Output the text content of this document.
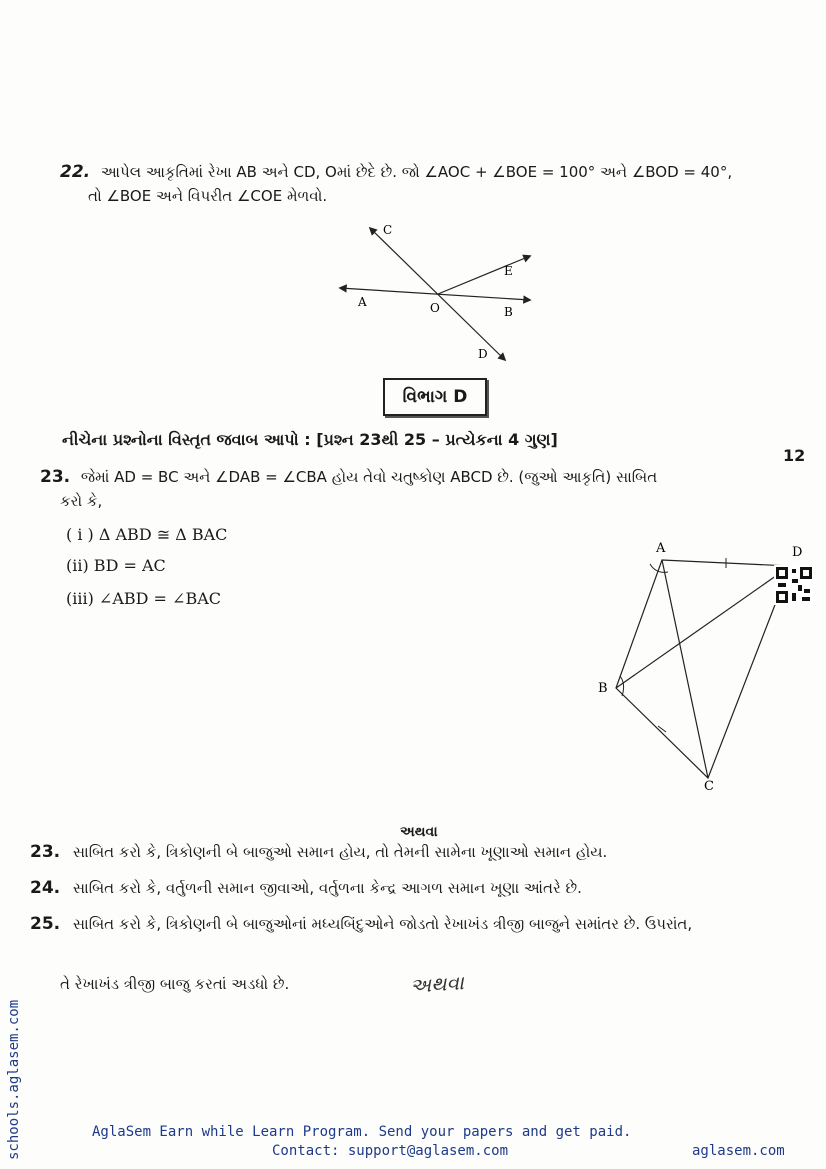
22. આપેલ આકૃતિમાં રેખા AB અને CD, Oમાં છેદે છે. જો ∠AOC + ∠BOE = 100° અને ∠BOD = 40°,
તો ∠BOE અને વિપરીત ∠COE મેળવો.
C
E
A	O	B
D
વિભાગ D
નીચેના પ્રશ્નોના વિસ્તૃત જવાબ આપો : [પ્રશ્ન 23થી 25 – પ્રત્યેકના 4 ગુણ]
12
23. જેમાં AD = BC અને ∠DAB = ∠CBA હોય તેવો ચતુષ્કોણ ABCD છે. (જુઓ આકૃતિ) સાબિત
કરો કે,
( i ) Δ ABD ≅ Δ BAC
(ii) BD = AC
(iii) ∠ABD = ∠BAC
A	D
B
C
અથવા
23. સાબિત કરો કે, ત્રિકોણની બે બાજુઓ સમાન હોય, તો તેમની સામેના ખૂણાઓ સમાન હોય.
24. સાબિત કરો કે, વર્તુળની સમાન જીવાઓ, વર્તુળના કેન્દ્ર આગળ સમાન ખૂણા આંતરે છે.
25. સાબિત કરો કે, ત્રિકોણની બે બાજુઓનાં મધ્યબિંદુઓને જોડતો રેખાખંડ ત્રીજી બાજુને સમાંતર છે. ઉપરાંત,
તે રેખાખંડ ત્રીજી બાજુ કરતાં અડધો છે.	અથવા
schools.aglasem.com	AglaSem Earn while Learn Program. Send your papers and get paid.
Contact: support@aglasem.com	aglasem.com
